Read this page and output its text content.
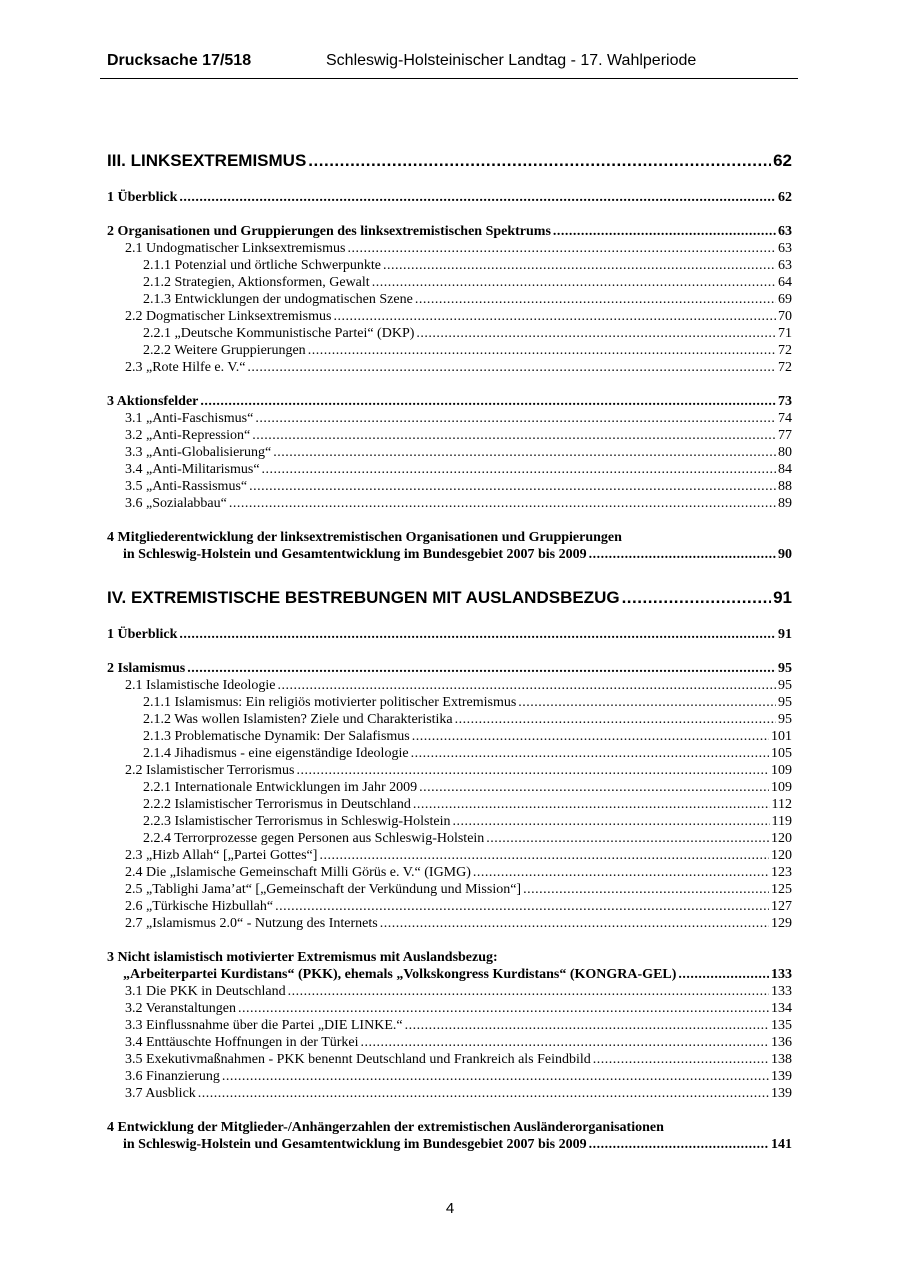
Drucksache 17/518	Schleswig-Holsteinischer Landtag - 17. Wahlperiode
III. LINKSEXTREMISMUS .....	62
1 Überblick .....	62
2 Organisationen und Gruppierungen des linksextremistischen Spektrums .....	63
2.1 Undogmatischer Linksextremismus .....	63
2.1.1 Potenzial und örtliche Schwerpunkte .....	63
2.1.2 Strategien, Aktionsformen, Gewalt .....	64
2.1.3 Entwicklungen der undogmatischen Szene .....	69
2.2 Dogmatischer Linksextremismus .....	70
2.2.1 „Deutsche Kommunistische Partei“ (DKP) .....	71
2.2.2 Weitere Gruppierungen .....	72
2.3 „Rote Hilfe e. V.“ .....	72
3 Aktionsfelder .....	73
3.1 „Anti-Faschismus“ .....	74
3.2 „Anti-Repression“ .....	77
3.3 „Anti-Globalisierung“ .....	80
3.4 „Anti-Militarismus“ .....	84
3.5 „Anti-Rassismus“ .....	88
3.6 „Sozialabbau“ .....	89
4 Mitgliederentwicklung der linksextremistischen Organisationen und Gruppierungen
in Schleswig-Holstein und Gesamtentwicklung im Bundesgebiet 2007 bis 2009 .....	90
IV. EXTREMISTISCHE BESTREBUNGEN MIT AUSLANDSBEZUG .....	91
1 Überblick .....	91
2 Islamismus .....	95
2.1 Islamistische Ideologie .....	95
2.1.1 Islamismus: Ein religiös motivierter politischer Extremismus .....	95
2.1.2 Was wollen Islamisten? Ziele und Charakteristika .....	95
2.1.3 Problematische Dynamik: Der Salafismus .....	101
2.1.4 Jihadismus - eine eigenständige Ideologie .....	105
2.2 Islamistischer Terrorismus .....	109
2.2.1 Internationale Entwicklungen im Jahr 2009 .....	109
2.2.2 Islamistischer Terrorismus in Deutschland .....	112
2.2.3 Islamistischer Terrorismus in Schleswig-Holstein .....	119
2.2.4 Terrorprozesse gegen Personen aus Schleswig-Holstein .....	120
2.3 „Hizb Allah“ [„Partei Gottes“] .....	120
2.4 Die „Islamische Gemeinschaft Milli Görüs e. V.“ (IGMG) .....	123
2.5 „Tablighi Jama’at“ [„Gemeinschaft der Verkündung und Mission“] .....	125
2.6 „Türkische Hizbullah“ .....	127
2.7 „Islamismus 2.0“ - Nutzung des Internets .....	129
3 Nicht islamistisch motivierter Extremismus mit Auslandsbezug:
„Arbeiterpartei Kurdistans“ (PKK), ehemals „Volkskongress Kurdistans“ (KONGRA-GEL) .....	133
3.1 Die PKK in Deutschland .....	133
3.2 Veranstaltungen .....	134
3.3 Einflussnahme über die Partei „DIE LINKE.“ .....	135
3.4 Enttäuschte Hoffnungen in der Türkei .....	136
3.5 Exekutivmaßnahmen - PKK benennt Deutschland und Frankreich als Feindbild .....	138
3.6 Finanzierung .....	139
3.7 Ausblick .....	139
4 Entwicklung der Mitglieder-/Anhängerzahlen der extremistischen Ausländerorganisationen
in Schleswig-Holstein und Gesamtentwicklung im Bundesgebiet 2007 bis 2009 .....	141
4
